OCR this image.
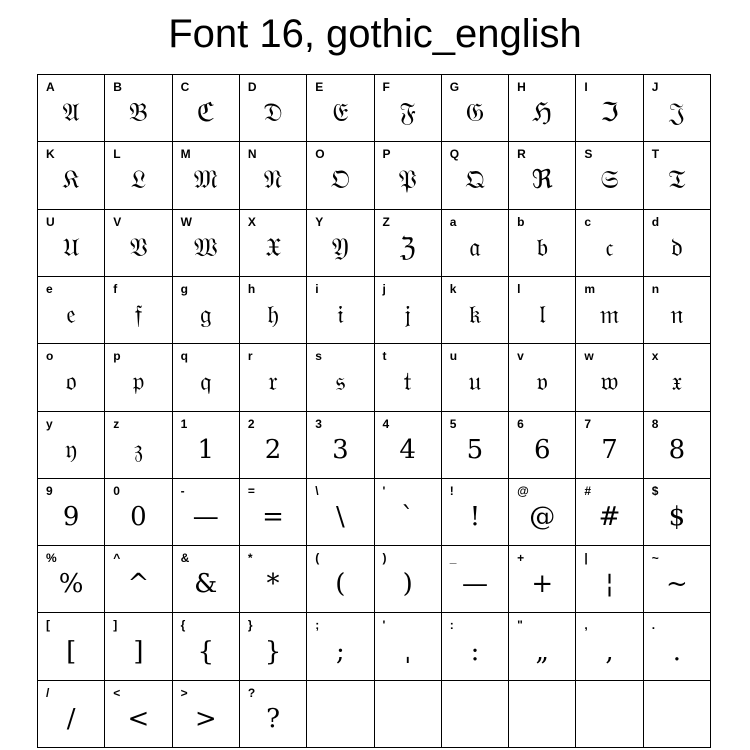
Font 16, gothic_english
A
𝔄
B
𝔅
C
ℭ
D
𝔇
E
𝔈
F
𝔉
G
𝔊
H
ℌ
I
ℑ
J
𝔍
K
𝔎
L
𝔏
M
𝔐
N
𝔑
O
𝔒
P
𝔓
Q
𝔔
R
ℜ
S
𝔖
T
𝔗
U
𝔘
V
𝔙
W
𝔚
X
𝔛
Y
𝔜
Z
ℨ
a
𝔞
b
𝔟
c
𝔠
d
𝔡
e
𝔢
f
𝔣
g
𝔤
h
𝔥
i
𝔦
j
𝔧
k
𝔨
l
𝔩
m
𝔪
n
𝔫
o
𝔬
p
𝔭
q
𝔮
r
𝔯
s
𝔰
t
𝔱
u
𝔲
v
𝔳
w
𝔴
x
𝔵
y
𝔶
z
𝔷
1
1
2
2
3
3
4
4
5
5
6
6
7
7
8
8
9
9
0
0
-
—
=
=
\
\
'
`
!
!
@
@
#
#
$
$
%
%
^
^
&
&
*
*
(
(
)
)
_
—
+
+
|
¦
~
~
[
[
]
]
{
{
}
}
;
;
'
ˌ
:
:
"
„
,
,
.
.
/
/
<
<
>
>
?
?
